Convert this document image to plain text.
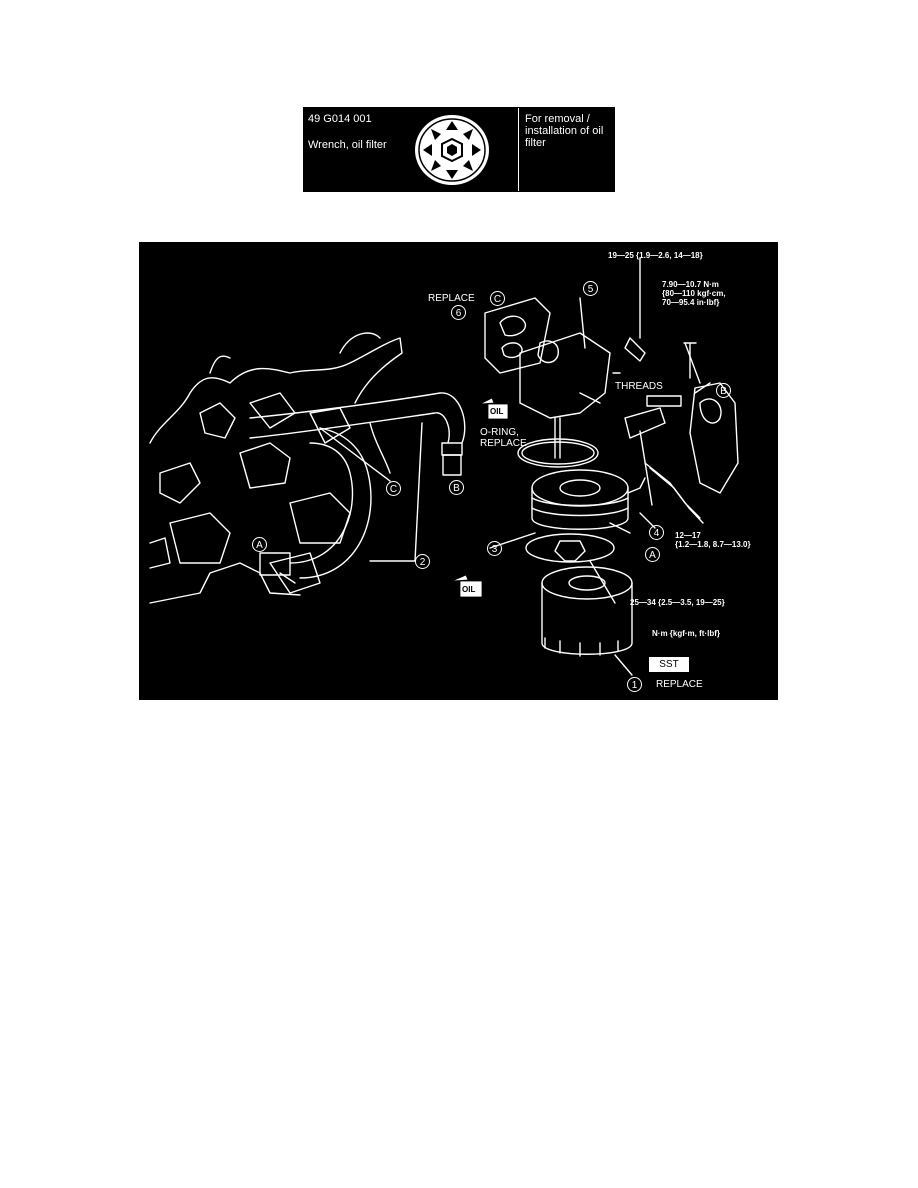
49 G014 001
Wrench, oil filter
For removal / installation of oil filter
19—25 {1.9—2.6, 14—18}
7.90—10.7 N·m
{80—110 kgf·cm,
70—95.4 in·lbf}
REPLACE
THREADS
SEALANT
O-RING,
REPLACE
OIL
OIL
12—17
{1.2—1.8, 8.7—13.0}
25—34 {2.5—3.5, 19—25}
N·m {kgf·m, ft·lbf}
SST
REPLACE
1
2
3
4
5
6
A
A
B
B
C
C
